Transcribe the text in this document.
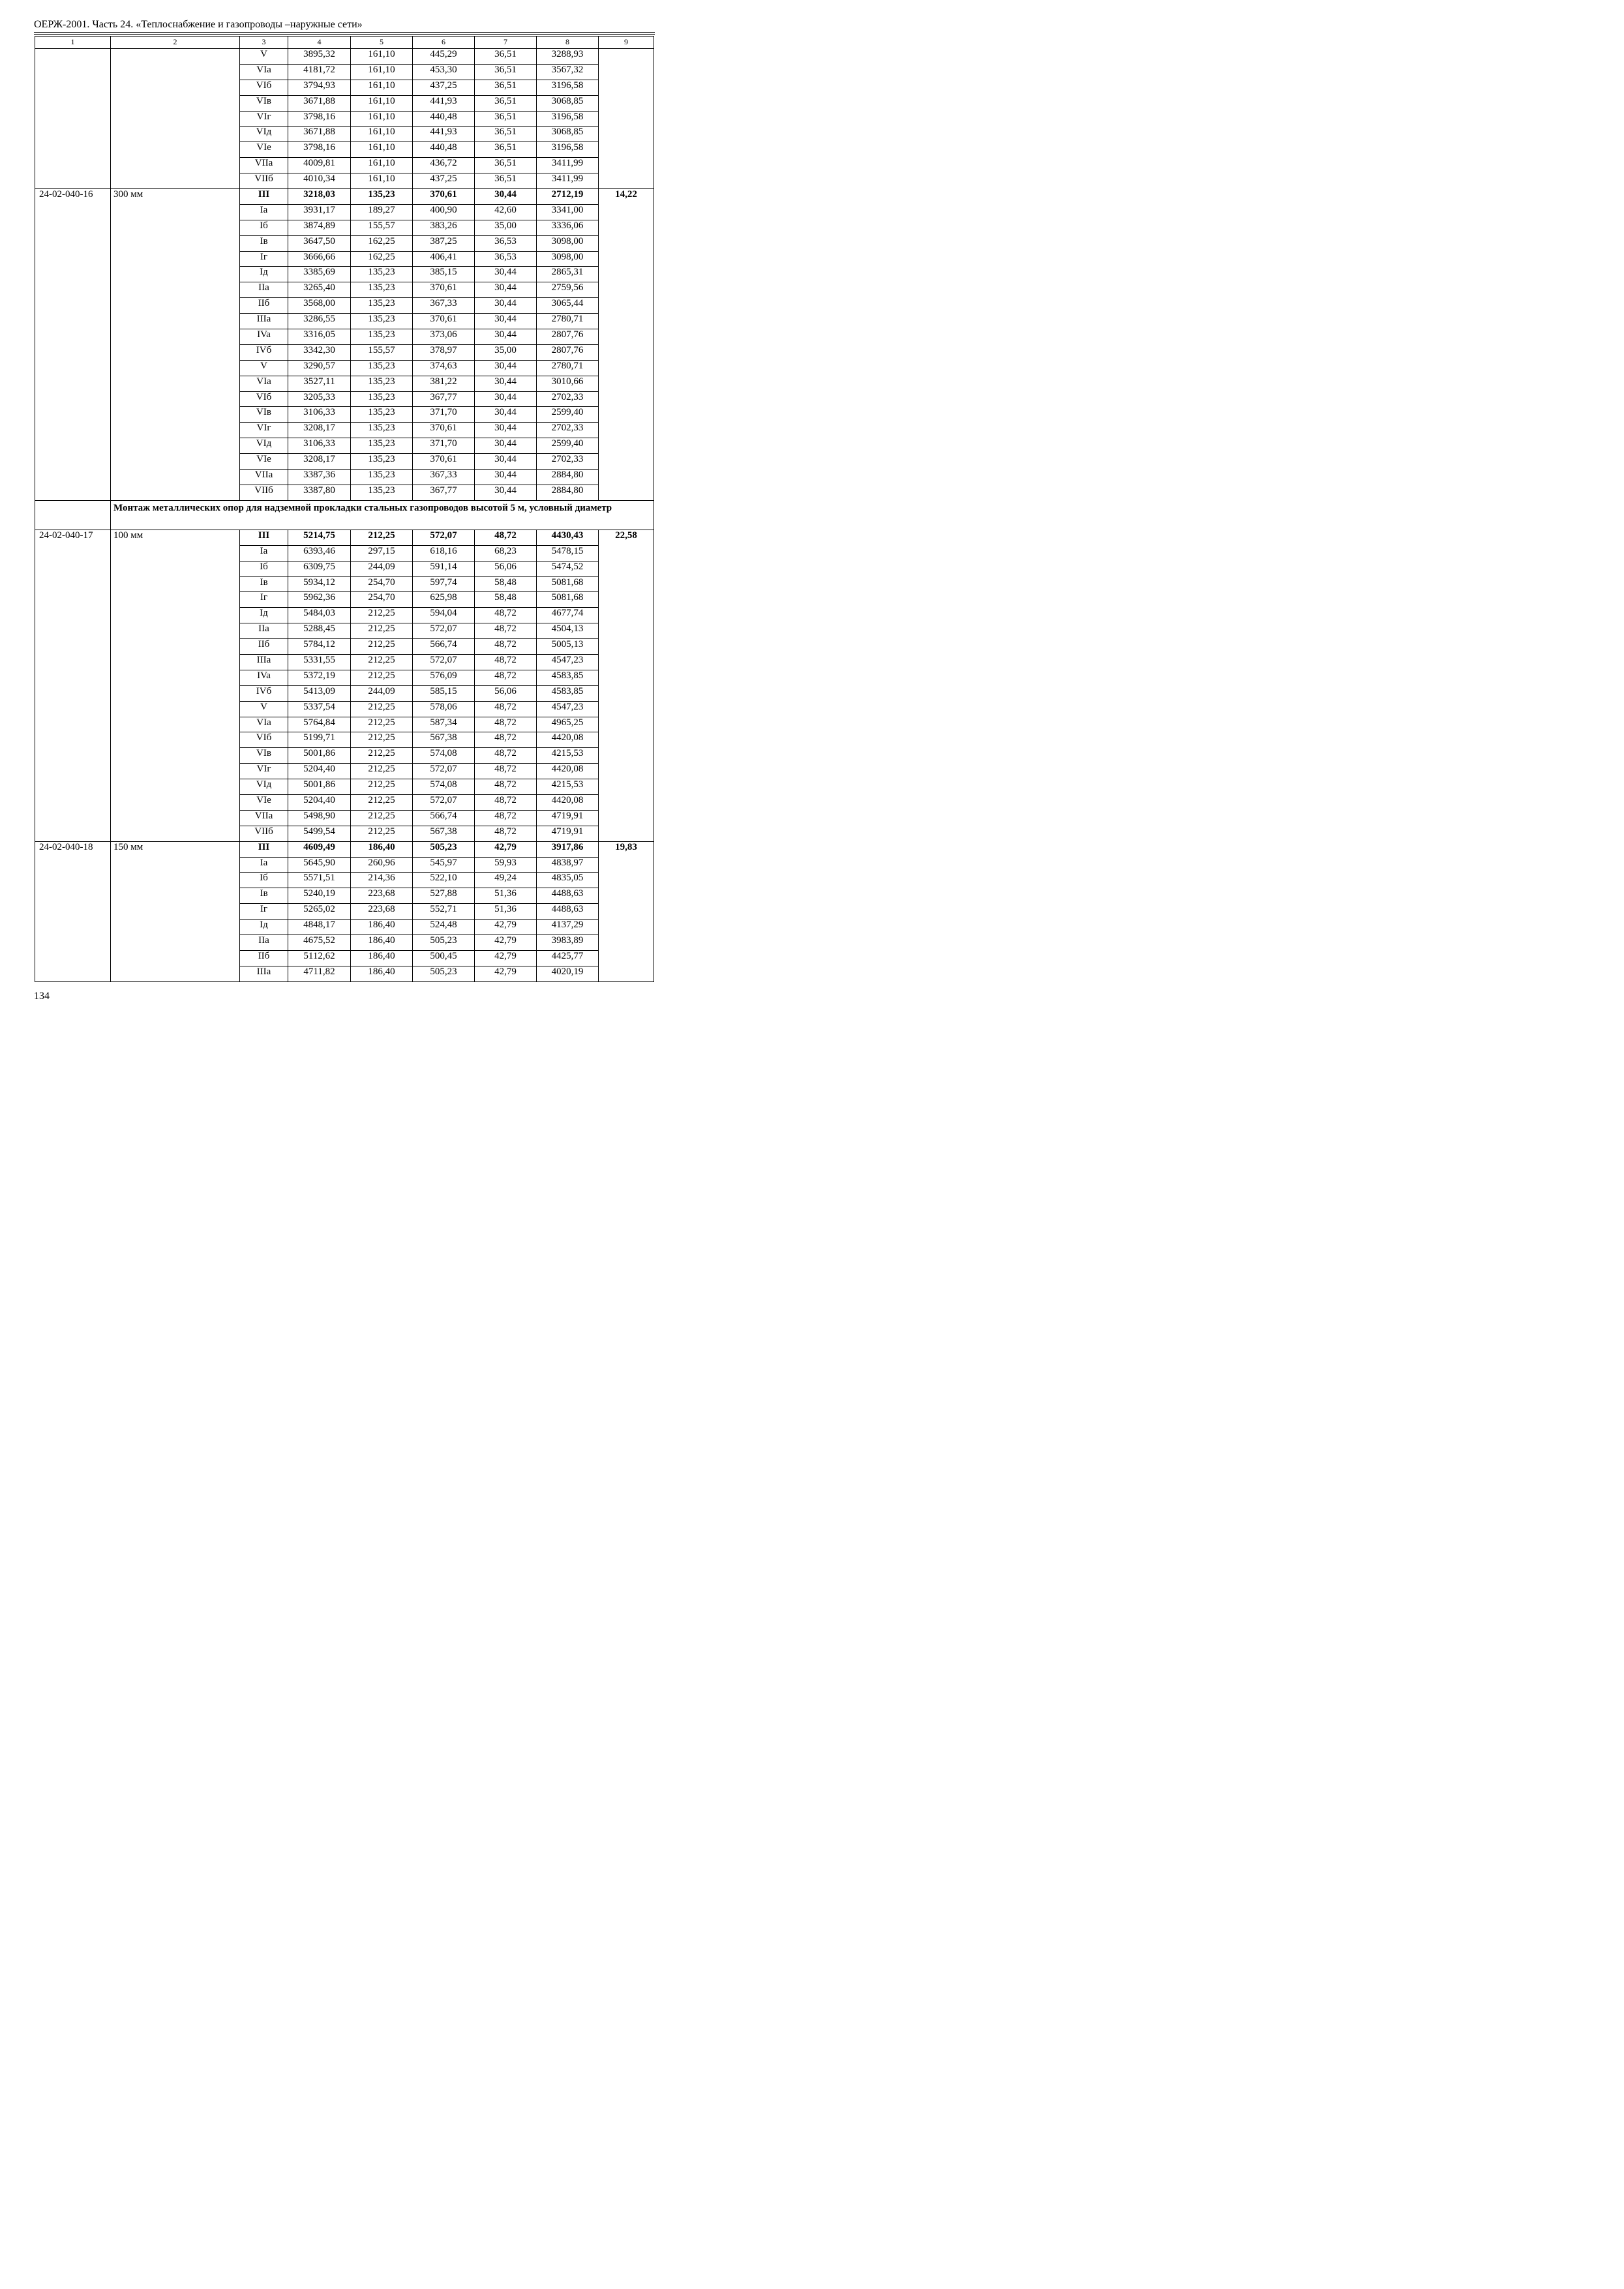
ОЕРЖ-2001. Часть 24. «Теплоснабжение и газопроводы –наружные сети»
1	2	3	4	5	6	7	8	9
		V	3895,32	161,10	445,29	36,51	3288,93	
		VIa	4181,72	161,10	453,30	36,51	3567,32	
		VIб	3794,93	161,10	437,25	36,51	3196,58	
		VIв	3671,88	161,10	441,93	36,51	3068,85	
		VIг	3798,16	161,10	440,48	36,51	3196,58	
		VIд	3671,88	161,10	441,93	36,51	3068,85	
		VIe	3798,16	161,10	440,48	36,51	3196,58	
		VIIa	4009,81	161,10	436,72	36,51	3411,99	
		VIIб	4010,34	161,10	437,25	36,51	3411,99	
24-02-040-16	300 мм	III	3218,03	135,23	370,61	30,44	2712,19	14,22
		Ia	3931,17	189,27	400,90	42,60	3341,00	
		Iб	3874,89	155,57	383,26	35,00	3336,06	
		Iв	3647,50	162,25	387,25	36,53	3098,00	
		Iг	3666,66	162,25	406,41	36,53	3098,00	
		Iд	3385,69	135,23	385,15	30,44	2865,31	
		IIa	3265,40	135,23	370,61	30,44	2759,56	
		IIб	3568,00	135,23	367,33	30,44	3065,44	
		IIIa	3286,55	135,23	370,61	30,44	2780,71	
		IVa	3316,05	135,23	373,06	30,44	2807,76	
		IVб	3342,30	155,57	378,97	35,00	2807,76	
		V	3290,57	135,23	374,63	30,44	2780,71	
		VIa	3527,11	135,23	381,22	30,44	3010,66	
		VIб	3205,33	135,23	367,77	30,44	2702,33	
		VIв	3106,33	135,23	371,70	30,44	2599,40	
		VIг	3208,17	135,23	370,61	30,44	2702,33	
		VIд	3106,33	135,23	371,70	30,44	2599,40	
		VIe	3208,17	135,23	370,61	30,44	2702,33	
		VIIa	3387,36	135,23	367,33	30,44	2884,80	
		VIIб	3387,80	135,23	367,77	30,44	2884,80	
	Монтаж металлических опор для надземной прокладки стальных газопроводов высотой 5 м, условный диаметр							
24-02-040-17	100 мм	III	5214,75	212,25	572,07	48,72	4430,43	22,58
		Ia	6393,46	297,15	618,16	68,23	5478,15	
		Iб	6309,75	244,09	591,14	56,06	5474,52	
		Iв	5934,12	254,70	597,74	58,48	5081,68	
		Iг	5962,36	254,70	625,98	58,48	5081,68	
		Iд	5484,03	212,25	594,04	48,72	4677,74	
		IIa	5288,45	212,25	572,07	48,72	4504,13	
		IIб	5784,12	212,25	566,74	48,72	5005,13	
		IIIa	5331,55	212,25	572,07	48,72	4547,23	
		IVa	5372,19	212,25	576,09	48,72	4583,85	
		IVб	5413,09	244,09	585,15	56,06	4583,85	
		V	5337,54	212,25	578,06	48,72	4547,23	
		VIa	5764,84	212,25	587,34	48,72	4965,25	
		VIб	5199,71	212,25	567,38	48,72	4420,08	
		VIв	5001,86	212,25	574,08	48,72	4215,53	
		VIг	5204,40	212,25	572,07	48,72	4420,08	
		VIд	5001,86	212,25	574,08	48,72	4215,53	
		VIe	5204,40	212,25	572,07	48,72	4420,08	
		VIIa	5498,90	212,25	566,74	48,72	4719,91	
		VIIб	5499,54	212,25	567,38	48,72	4719,91	
24-02-040-18	150 мм	III	4609,49	186,40	505,23	42,79	3917,86	19,83
		Ia	5645,90	260,96	545,97	59,93	4838,97	
		Iб	5571,51	214,36	522,10	49,24	4835,05	
		Iв	5240,19	223,68	527,88	51,36	4488,63	
		Iг	5265,02	223,68	552,71	51,36	4488,63	
		Iд	4848,17	186,40	524,48	42,79	4137,29	
		IIa	4675,52	186,40	505,23	42,79	3983,89	
		IIб	5112,62	186,40	500,45	42,79	4425,77	
		IIIa	4711,82	186,40	505,23	42,79	4020,19	
134
